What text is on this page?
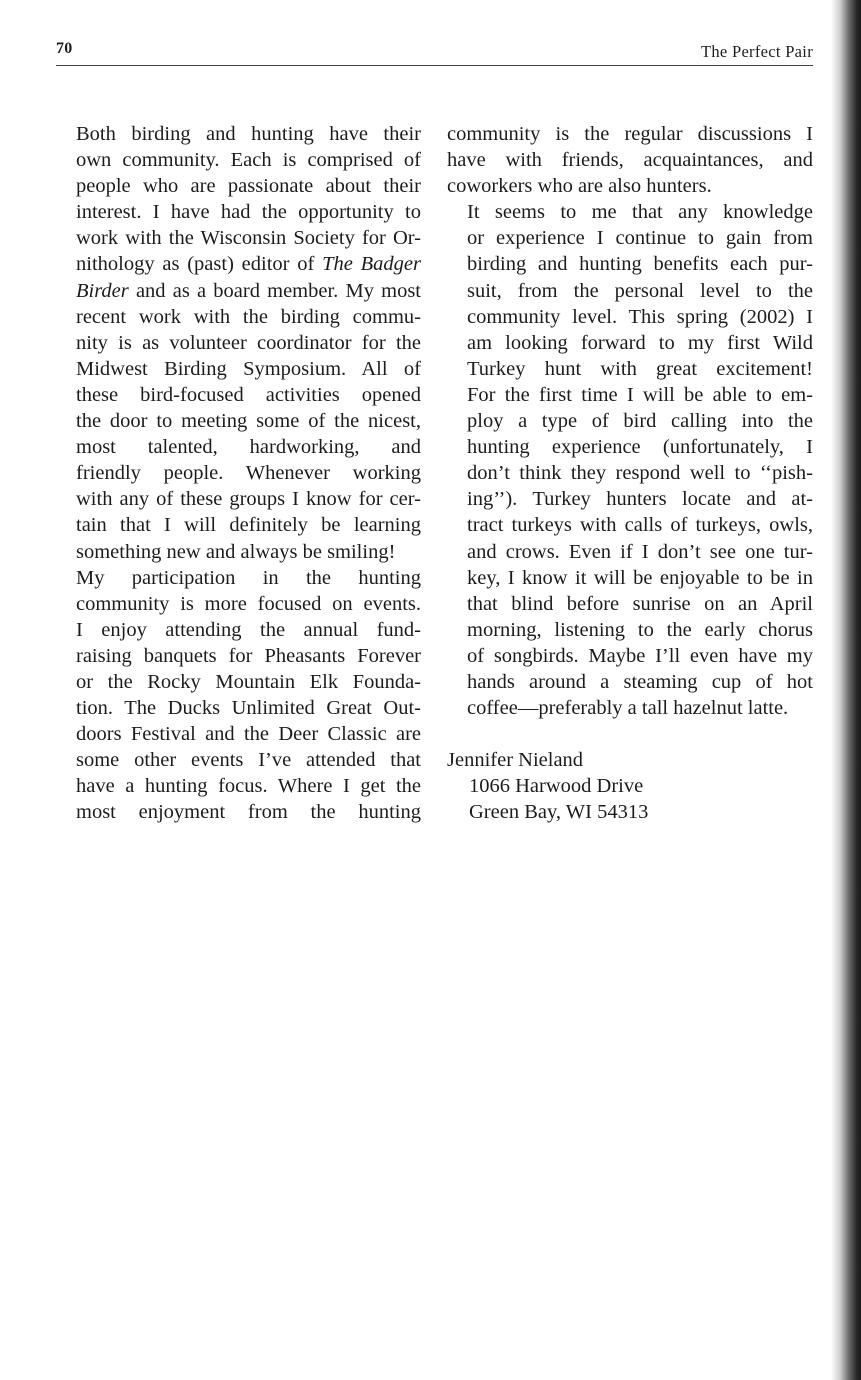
70	The Perfect Pair

Both birding and hunting have their
own community. Each is comprised of
people who are passionate about their
interest. I have had the opportunity to
work with the Wisconsin Society for Or-
nithology as (past) editor of The Badger
Birder and as a board member. My most
recent work with the birding commu-
nity is as volunteer coordinator for the
Midwest Birding Symposium. All of
these bird-focused activities opened
the door to meeting some of the nicest,
most talented, hardworking, and
friendly people. Whenever working
with any of these groups I know for cer-
tain that I will definitely be learning
something new and always be smiling!

My participation in the hunting
community is more focused on events.
I enjoy attending the annual fund-
raising banquets for Pheasants Forever
or the Rocky Mountain Elk Founda-
tion. The Ducks Unlimited Great Out-
doors Festival and the Deer Classic are
some other events I’ve attended that
have a hunting focus. Where I get the
most enjoyment from the hunting

community is the regular discussions I
have with friends, acquaintances, and
coworkers who are also hunters.

It seems to me that any knowledge
or experience I continue to gain from
birding and hunting benefits each pur-
suit, from the personal level to the
community level. This spring (2002) I
am looking forward to my first Wild
Turkey hunt with great excitement!
For the first time I will be able to em-
ploy a type of bird calling into the
hunting experience (unfortunately, I
don’t think they respond well to ‘‘pish-
ing’’). Turkey hunters locate and at-
tract turkeys with calls of turkeys, owls,
and crows. Even if I don’t see one tur-
key, I know it will be enjoyable to be in
that blind before sunrise on an April
morning, listening to the early chorus
of songbirds. Maybe I’ll even have my
hands around a steaming cup of hot
coffee—preferably a tall hazelnut latte.

Jennifer Nieland
1066 Harwood Drive
Green Bay, WI 54313
